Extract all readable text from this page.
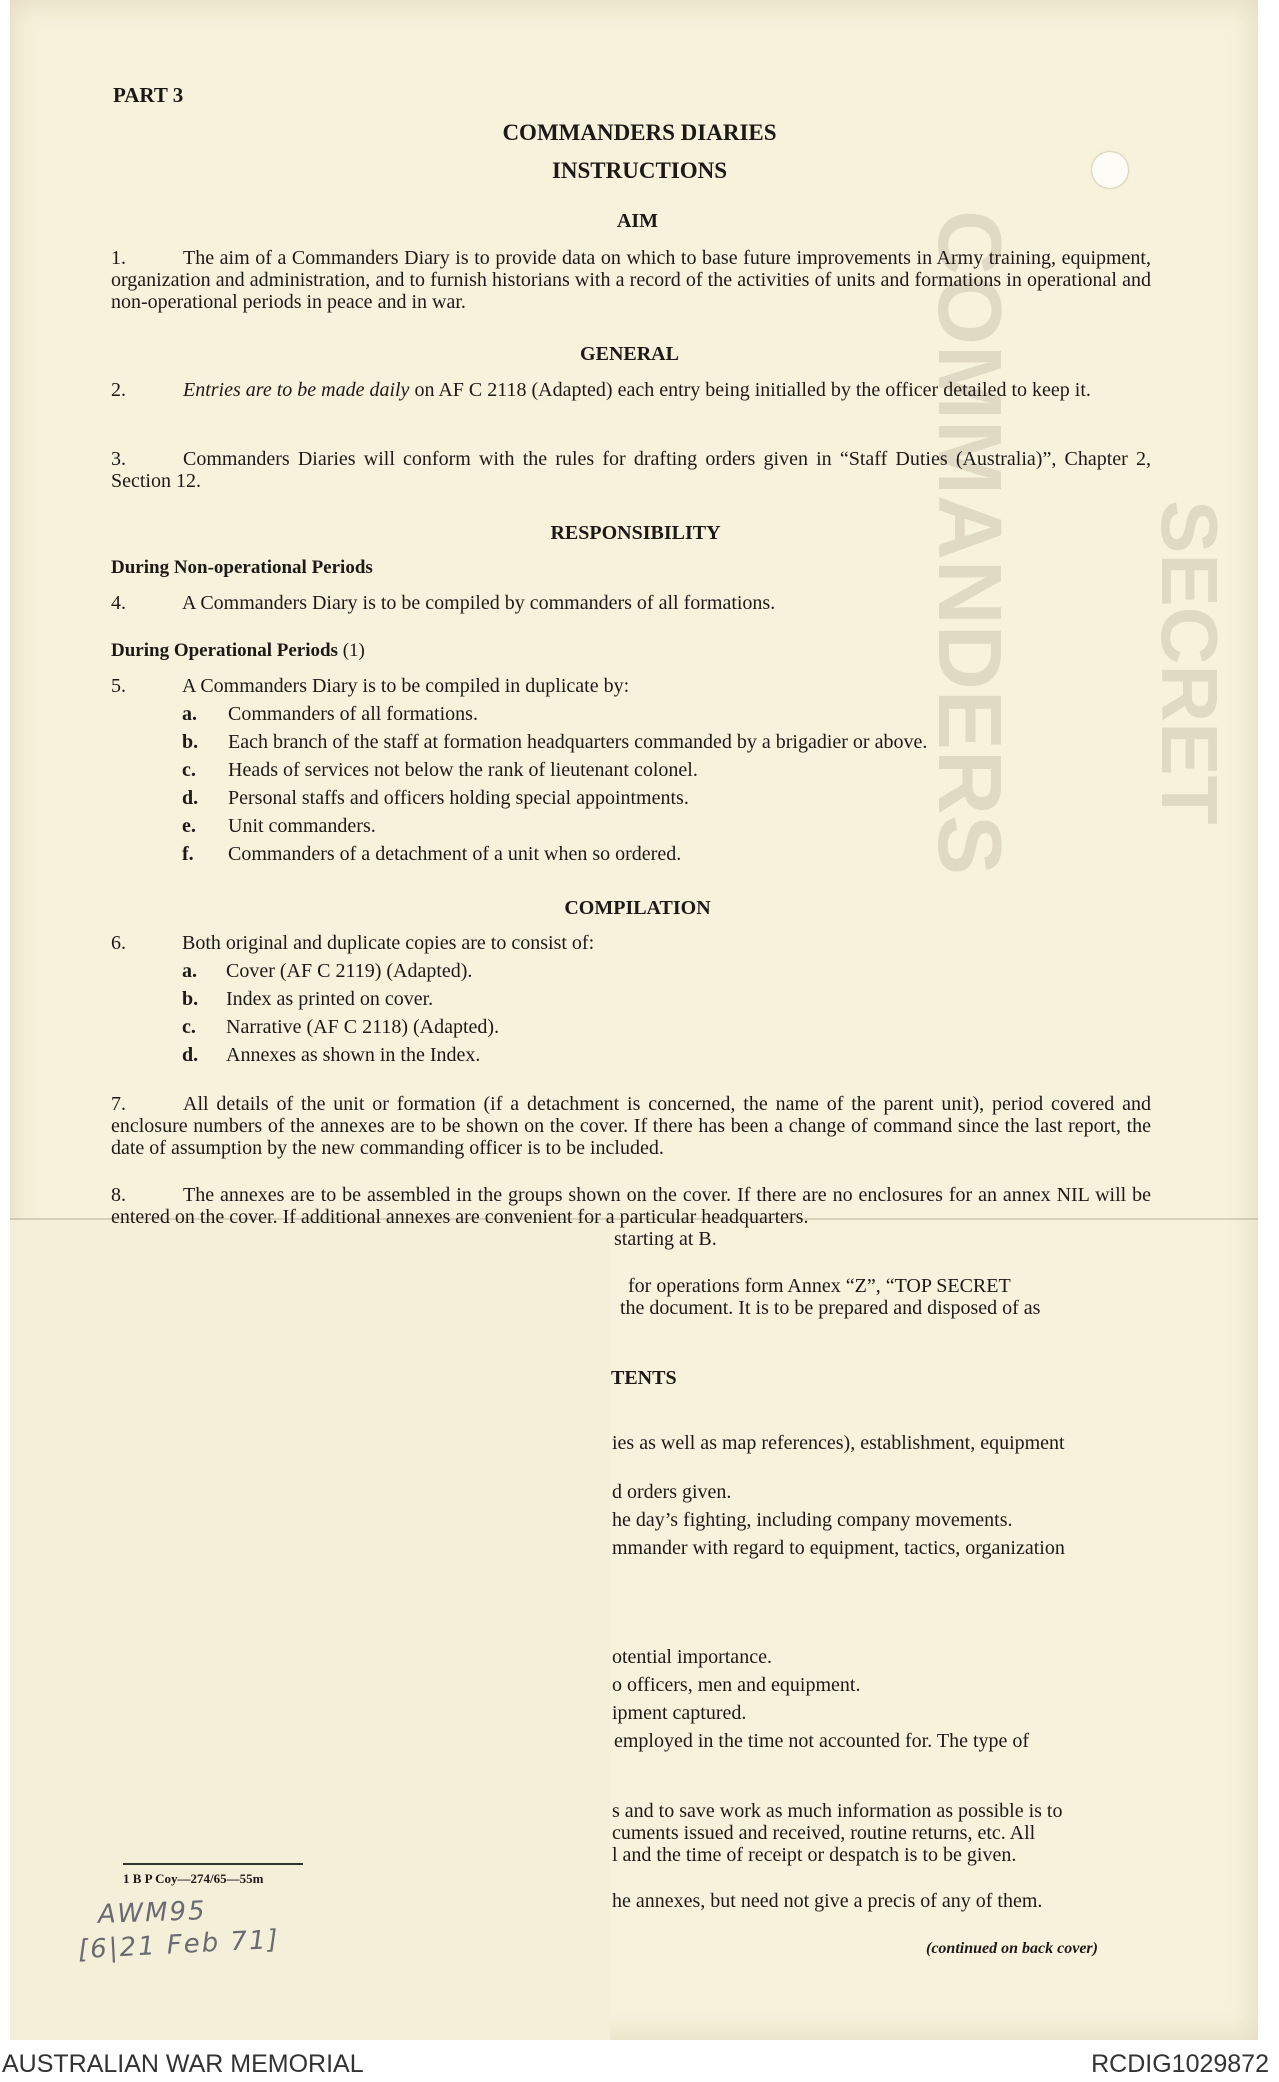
COMMANDERS SECRET
PART 3
COMMANDERS DIARIES
INSTRUCTIONS
AIM
1.	The aim of a Commanders Diary is to provide data on which to base future improvements in Army training, equipment, organization and administration, and to furnish historians with a record of the activities of units and formations in operational and non-operational periods in peace and in war.
GENERAL
2.	Entries are to be made daily on AF C 2118 (Adapted) each entry being initialled by the officer detailed to keep it.
3.	Commanders Diaries will conform with the rules for drafting orders given in “Staff Duties (Australia)”, Chapter 2, Section 12.
RESPONSIBILITY
During Non-operational Periods
4.	A Commanders Diary is to be compiled by commanders of all formations.
During Operational Periods (1)
5.	A Commanders Diary is to be compiled in duplicate by:
a. Commanders of all formations.
b. Each branch of the staff at formation headquarters commanded by a brigadier or above.
c. Heads of services not below the rank of lieutenant colonel.
d. Personal staffs and officers holding special appointments.
e. Unit commanders.
f. Commanders of a detachment of a unit when so ordered.
COMPILATION
6.	Both original and duplicate copies are to consist of:
a. Cover (AF C 2119) (Adapted).
b. Index as printed on cover.
c. Narrative (AF C 2118) (Adapted).
d. Annexes as shown in the Index.
7.	All details of the unit or formation (if a detachment is concerned, the name of the parent unit), period covered and enclosure numbers of the annexes are to be shown on the cover. If there has been a change of command since the last report, the date of assumption by the new commanding officer is to be included.
8.	The annexes are to be assembled in the groups shown on the cover. If there are no enclosures for an annex NIL will be entered on the cover. If additional annexes are convenient for a particular headquarters.
starting at B.
for operations form Annex “Z”, “TOP SECRET
the document. It is to be prepared and disposed of as
TENTS
ies as well as map references), establishment, equipment
d orders given.
he day’s fighting, including company movements.
mmander with regard to equipment, tactics, organization
otential importance.
o officers, men and equipment.
ipment captured.
employed in the time not accounted for. The type of
s and to save work as much information as possible is to
cuments issued and received, routine returns, etc. All
l and the time of receipt or despatch is to be given.
he annexes, but need not give a precis of any of them.
1 B P Coy—274/65—55m
AWM95
[6|21 Feb 71]	(continued on back cover)
AUSTRALIAN WAR MEMORIAL	RCDIG1029872
